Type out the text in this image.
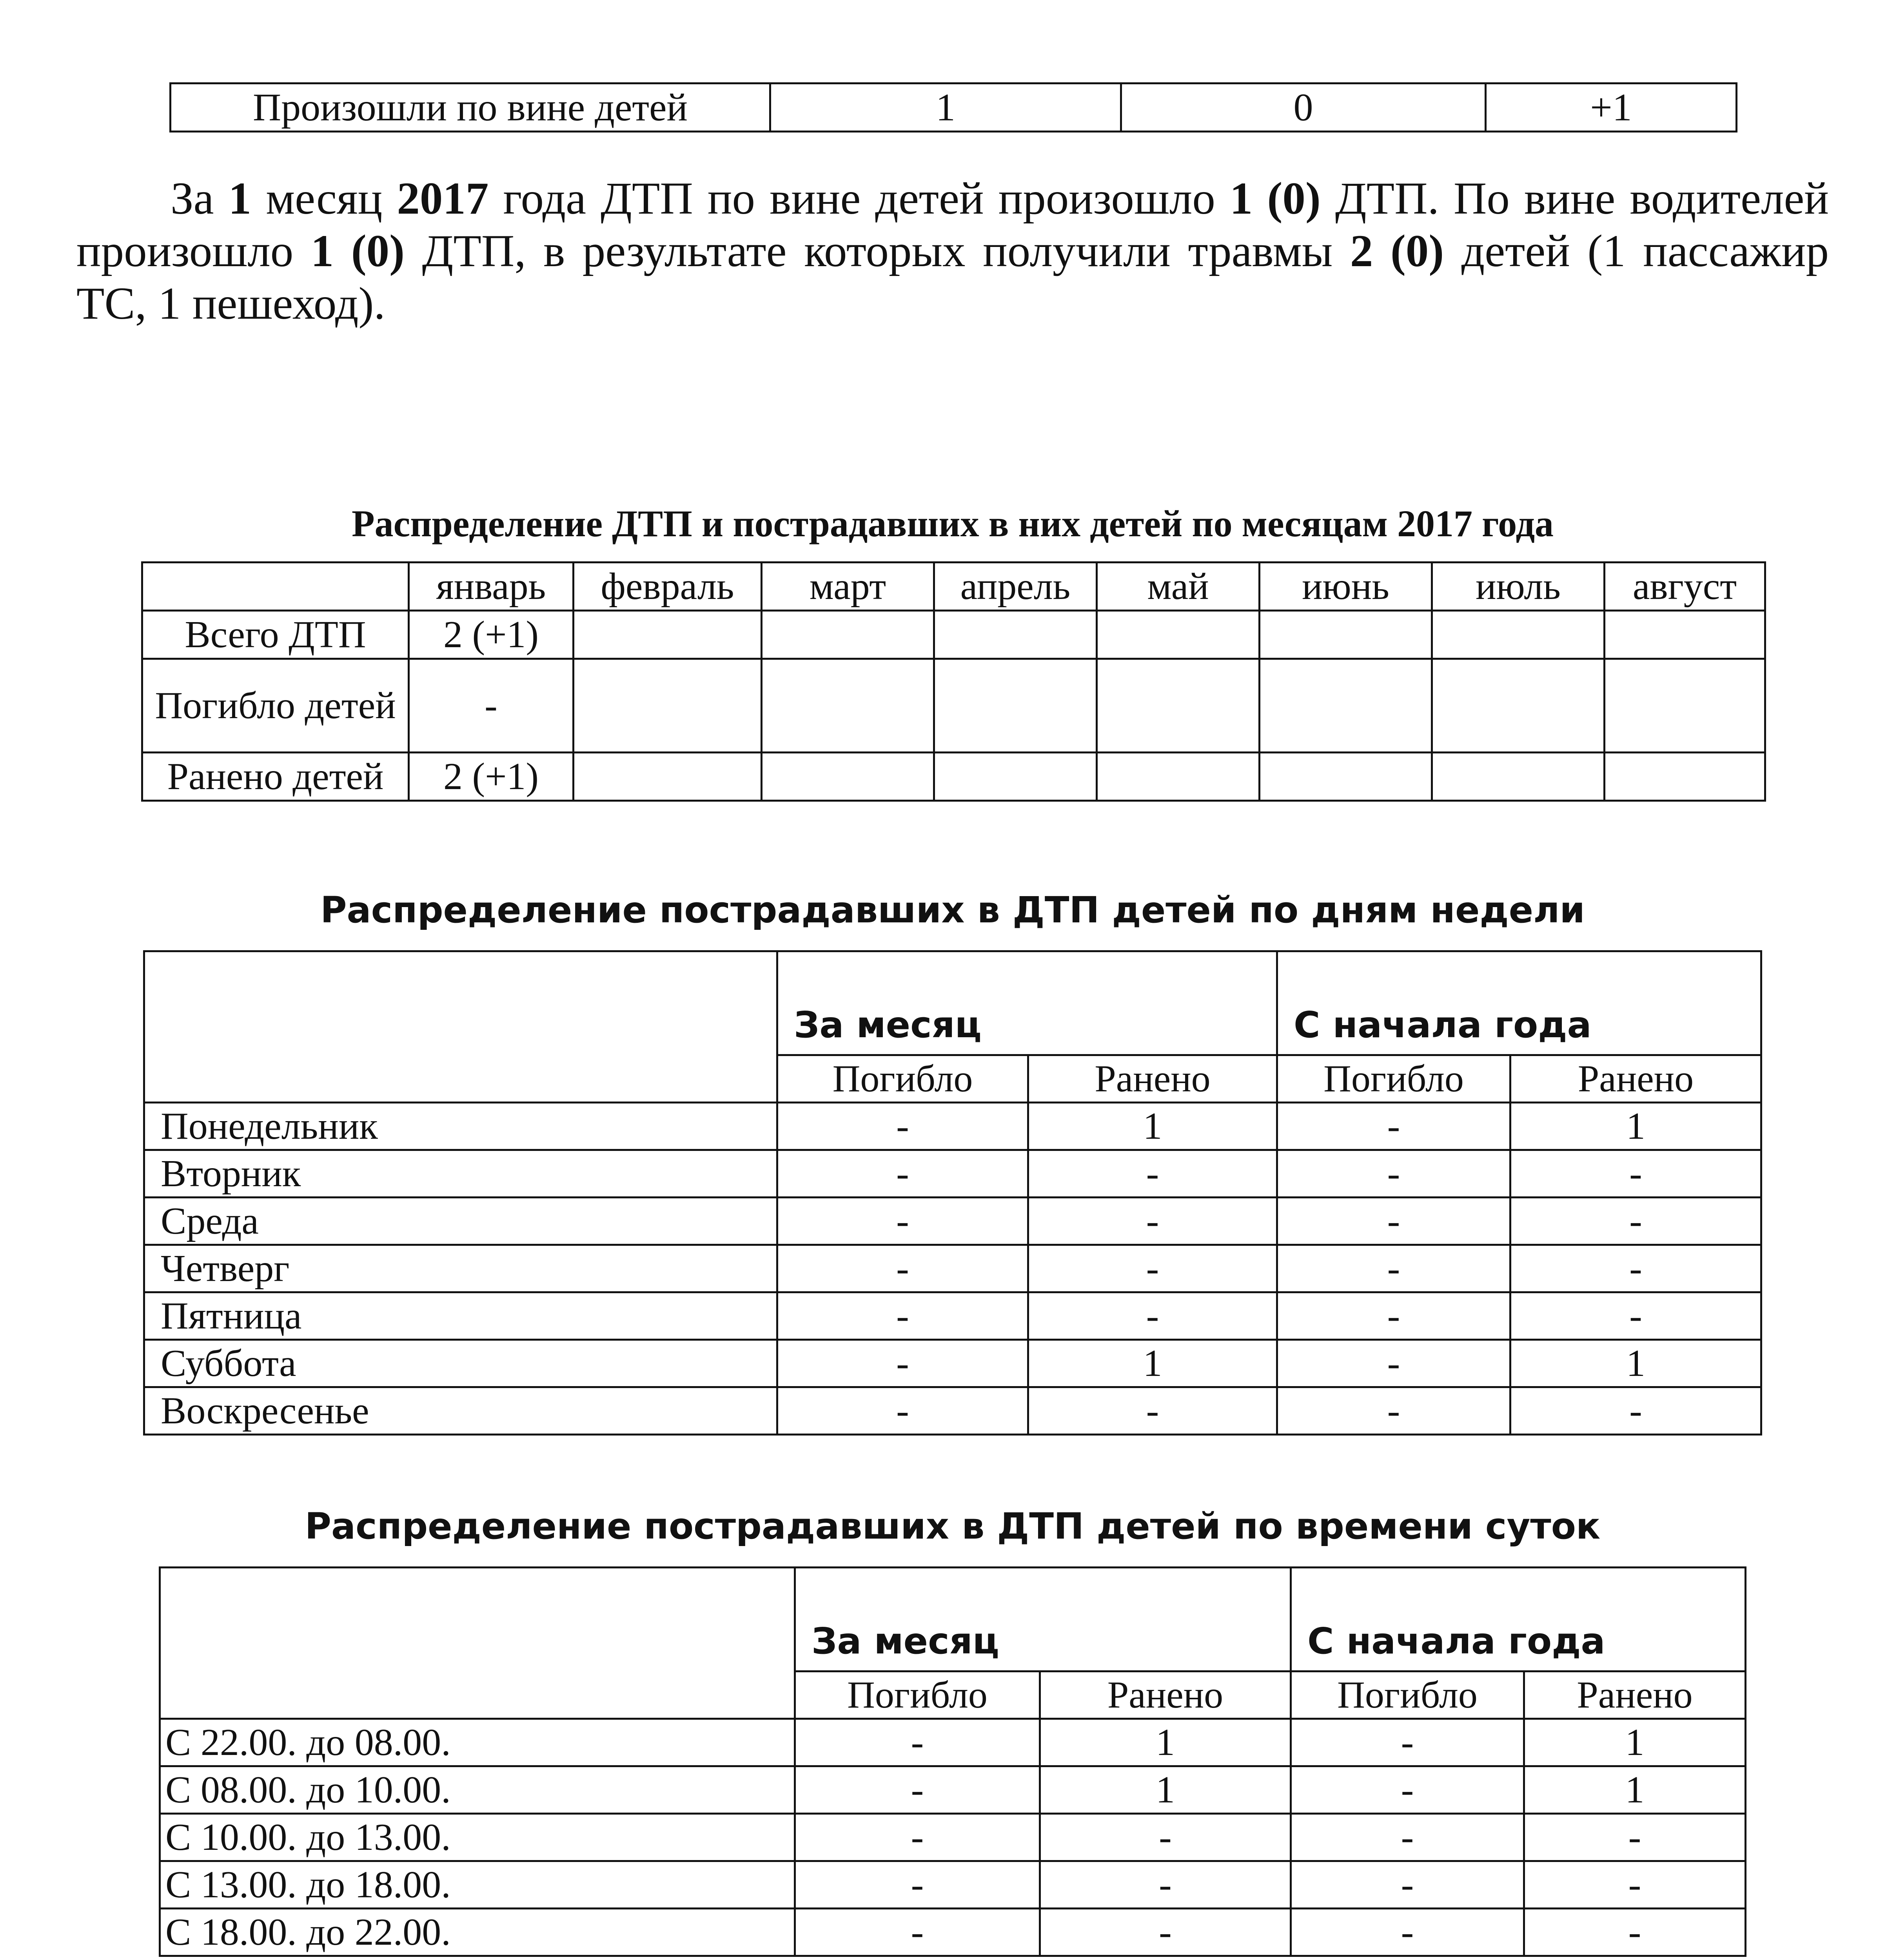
Произошли по вине детей	1	0	+1

За 1 месяц 2017 года ДТП по вине детей произошло 1 (0) ДТП. По вине водителей произошло 1 (0) ДТП, в результате которых получили травмы 2 (0) детей (1 пассажир ТС, 1 пешеход).

Распределение ДТП и пострадавших в них детей по месяцам 2017 года
	январь	февраль	март	апрель	май	июнь	июль	август
Всего ДТП	2 (+1)							
Погибло детей	-							
Ранено детей	2 (+1)							
Распределение пострадавших в ДТП детей по дням недели
	За месяц		С начала года	
	Погибло	Ранено	Погибло	Ранено
Понедельник	-	1	-	1
Вторник	-	-	-	-
Среда	-	-	-	-
Четверг	-	-	-	-
Пятница	-	-	-	-
Суббота	-	1	-	1
Воскресенье	-	-	-	-
Распределение пострадавших в ДТП детей по времени суток
	За месяц		С начала года	
	Погибло	Ранено	Погибло	Ранено
С 22.00. до 08.00.	-	1	-	1
С 08.00. до 10.00.	-	1	-	1
С 10.00. до 13.00.	-	-	-	-
С 13.00. до 18.00.	-	-	-	-
С 18.00. до 22.00.	-	-	-	-
